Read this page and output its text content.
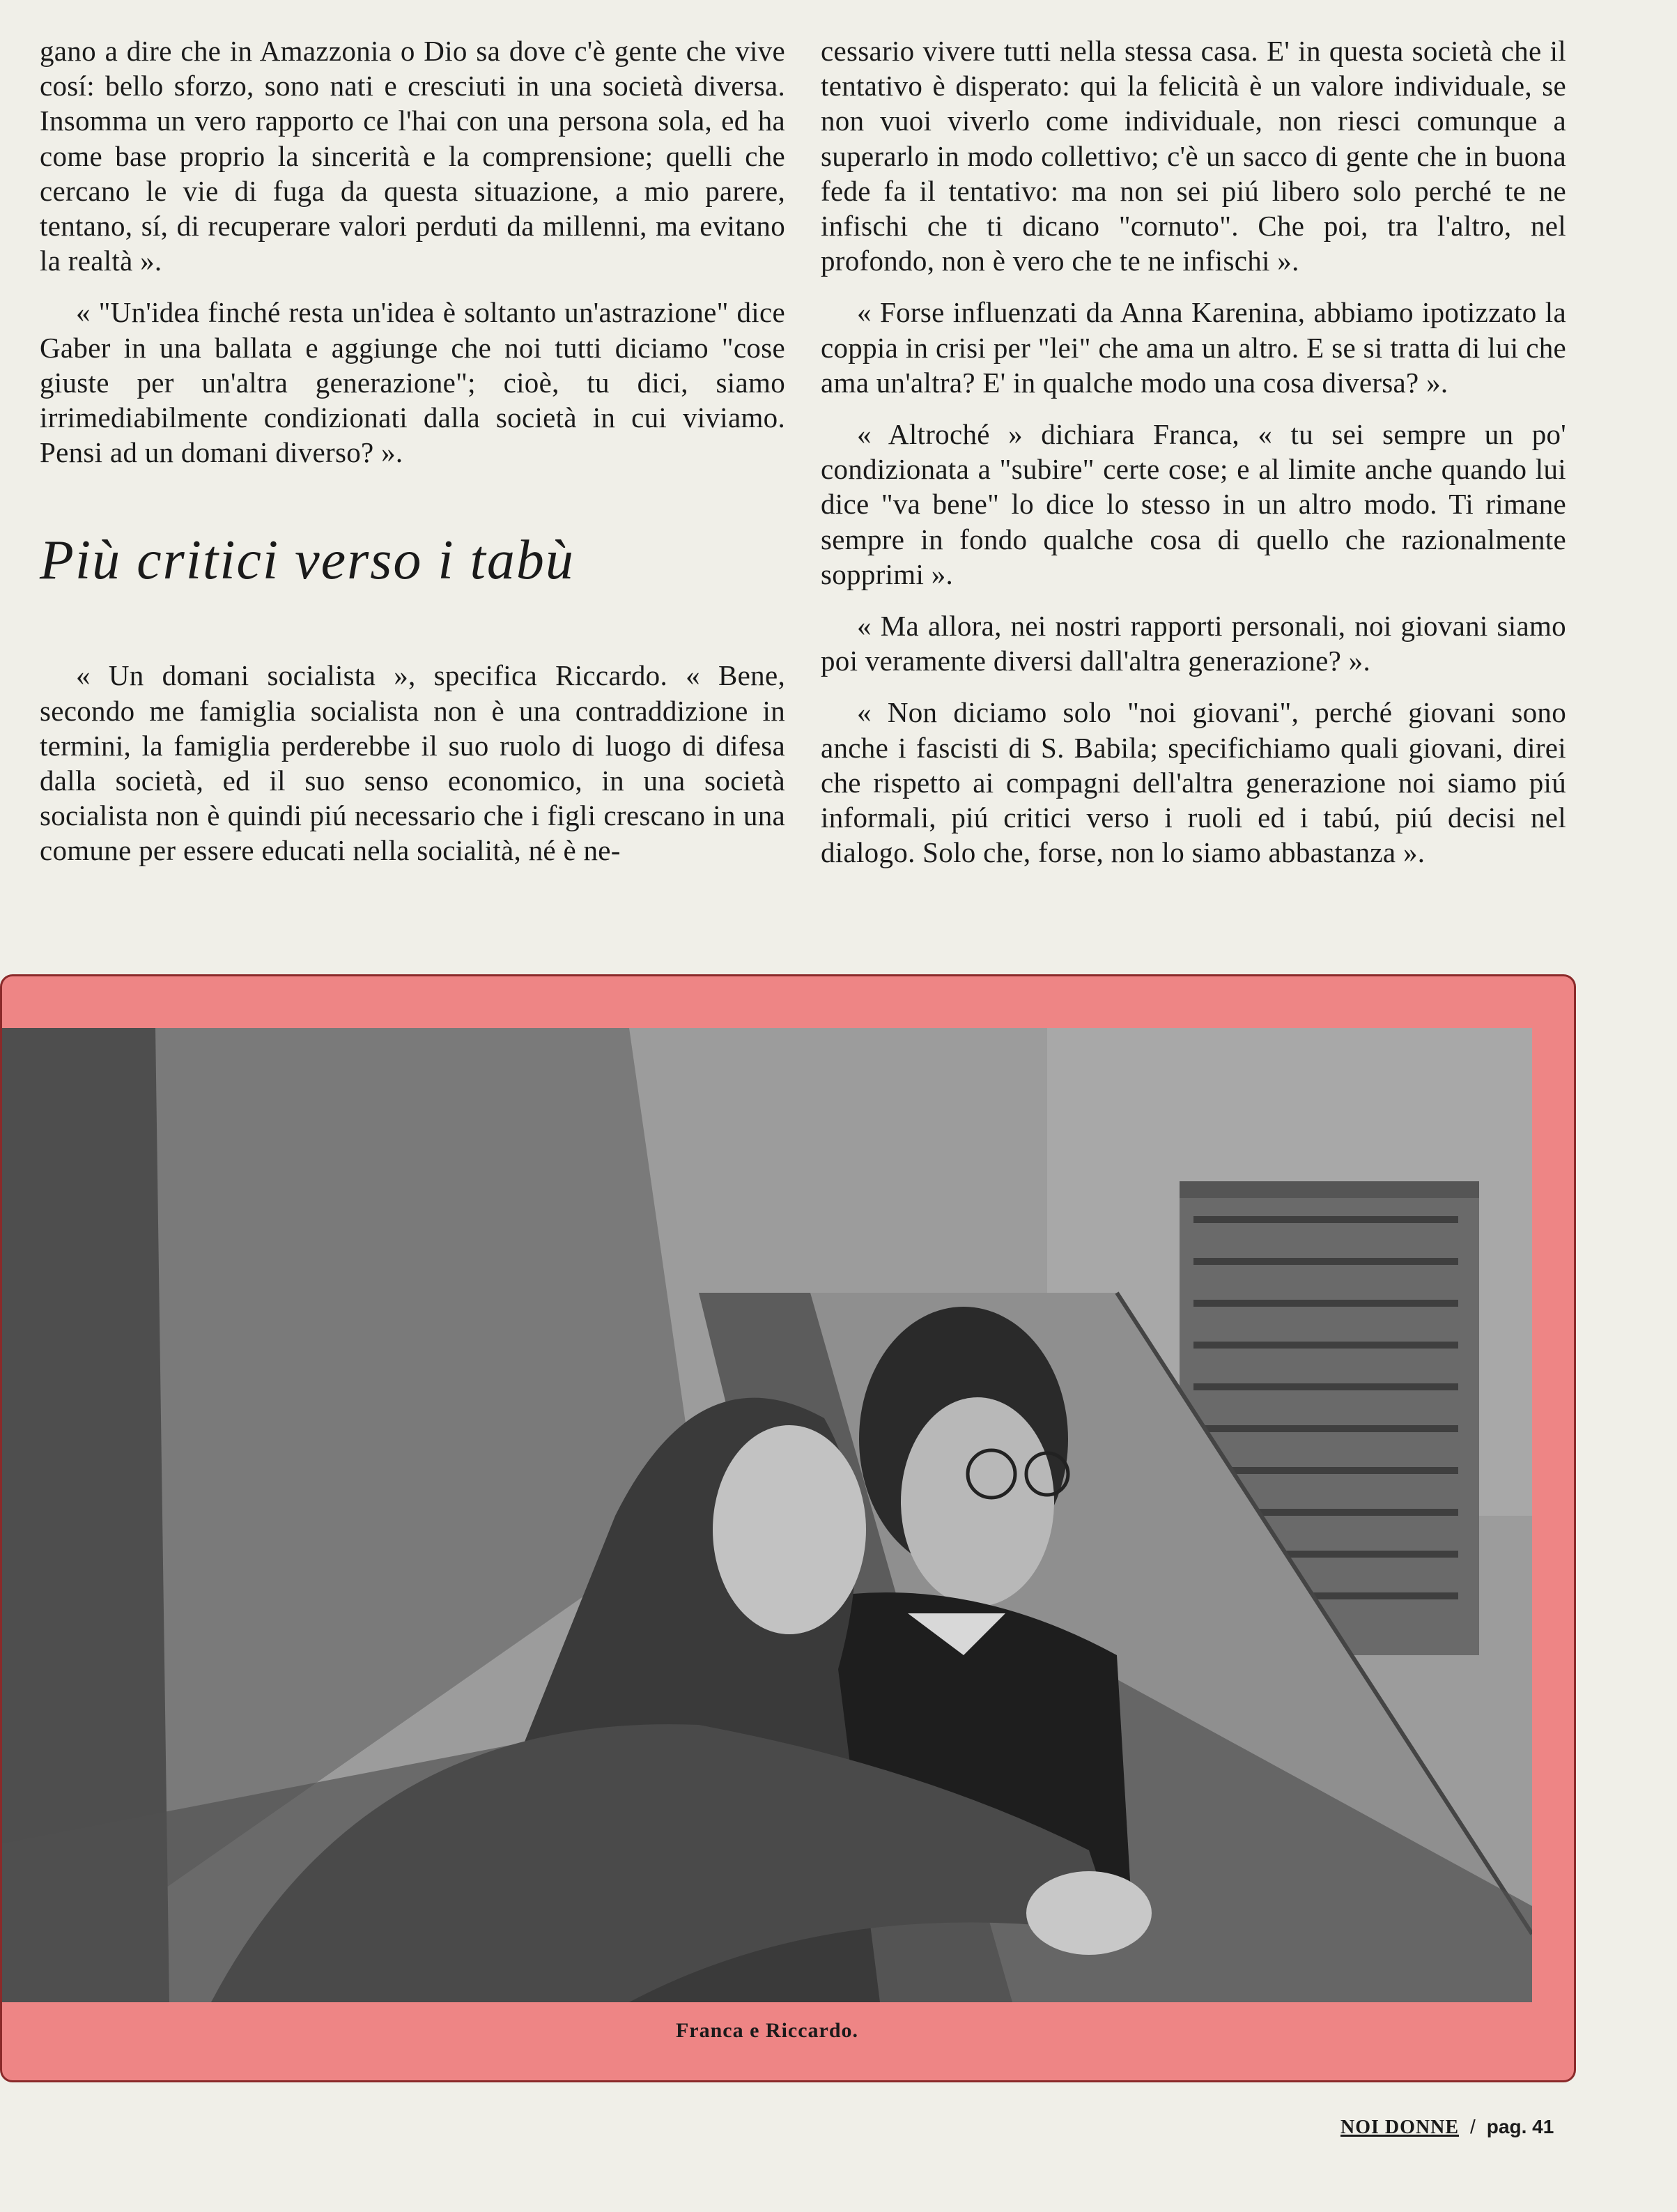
gano a dire che in Amazzonia o Dio sa dove c'è gente che vive cosí: bello sforzo, sono nati e cresciuti in una società diversa. Insomma un vero rapporto ce l'hai con una persona sola, ed ha come base proprio la sincerità e la comprensione; quelli che cercano le vie di fuga da questa situazione, a mio parere, tentano, sí, di recuperare valori perduti da millenni, ma evitano la realtà ».

« "Un'idea finché resta un'idea è soltanto un'astrazione" dice Gaber in una ballata e aggiunge che noi tutti diciamo "cose giuste per un'altra generazione"; cioè, tu dici, siamo irrimediabilmente condizionati dalla società in cui viviamo. Pensi ad un domani diverso? ».

Più critici verso i tabù

« Un domani socialista », specifica Riccardo. « Bene, secondo me famiglia socialista non è una contraddizione in termini, la famiglia perderebbe il suo ruolo di luogo di difesa dalla società, ed il suo senso economico, in una società socialista non è quindi piú necessario che i figli crescano in una comune per essere educati nella socialità, né è ne-

cessario vivere tutti nella stessa casa. E' in questa società che il tentativo è disperato: qui la felicità è un valore individuale, se non vuoi viverlo come individuale, non riesci comunque a superarlo in modo collettivo; c'è un sacco di gente che in buona fede fa il tentativo: ma non sei piú libero solo perché te ne infischi che ti dicano "cornuto". Che poi, tra l'altro, nel profondo, non è vero che te ne infischi ».

« Forse influenzati da Anna Karenina, abbiamo ipotizzato la coppia in crisi per "lei" che ama un altro. E se si tratta di lui che ama un'altra? E' in qualche modo una cosa diversa? ».

« Altroché » dichiara Franca, « tu sei sempre un po' condizionata a "subire" certe cose; e al limite anche quando lui dice "va bene" lo dice lo stesso in un altro modo. Ti rimane sempre in fondo qualche cosa di quello che razionalmente sopprimi ».

« Ma allora, nei nostri rapporti personali, noi giovani siamo poi veramente diversi dall'altra generazione? ».

« Non diciamo solo "noi giovani", perché giovani sono anche i fascisti di S. Babila; specifichiamo quali giovani, direi che rispetto ai compagni dell'altra generazione noi siamo piú informali, piú critici verso i ruoli ed i tabú, piú decisi nel dialogo. Solo che, forse, non lo siamo abbastanza ».

Franca e Riccardo.
NOI DONNE / pag. 41
